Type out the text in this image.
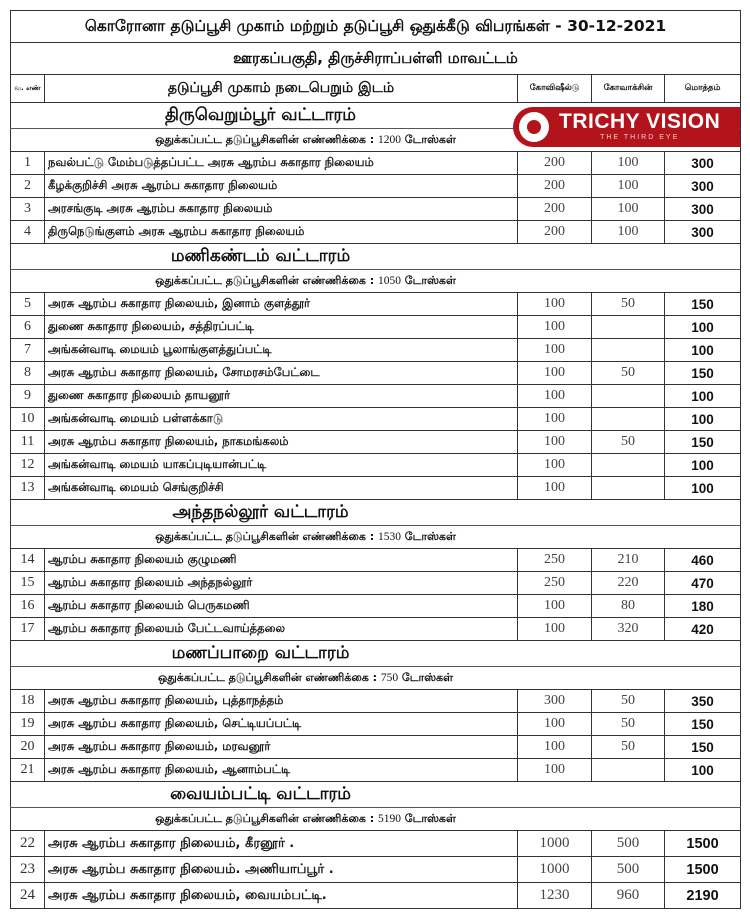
கொரோனா தடுப்பூசி முகாம் மற்றும் தடுப்பூசி ஒதுக்கீடு விபரங்கள் - 30-12-2021				
ஊரகப்பகுதி, திருச்சிராப்பள்ளி மாவட்டம்				
வ. எண்	தடுப்பூசி முகாம் நடைபெறும் இடம்	கோவிஷீல்டு	கோவாக்சின்	மொத்தம்
திருவெறும்பூர் வட்டாரம்				
ஒதுக்கப்பட்ட தடுப்பூசிகளின் எண்ணிக்கை : 1200 டோஸ்கள்				
1	நவல்பட்டு மேம்படுத்தப்பட்ட அரசு ஆரம்ப சுகாதார நிலையம்	200	100	300
2	கீழக்குறிச்சி அரசு ஆரம்ப சுகாதார நிலையம்	200	100	300
3	அரசங்குடி அரசு ஆரம்ப சுகாதார நிலையம்	200	100	300
4	திருநெடுங்குளம் அரசு ஆரம்ப சுகாதார நிலையம்	200	100	300
மணிகண்டம் வட்டாரம்				
ஒதுக்கப்பட்ட தடுப்பூசிகளின் எண்ணிக்கை : 1050 டோஸ்கள்				
5	அரசு ஆரம்ப சுகாதார நிலையம், இனாம் குளத்தூர்	100	50	150
6	துணை சுகாதார நிலையம், சத்திரப்பட்டி	100		100
7	அங்கன்வாடி மையம் பூலாங்குளத்துப்பட்டி	100		100
8	அரசு ஆரம்ப சுகாதார நிலையம், சோமரசம்பேட்டை	100	50	150
9	துணை சுகாதார நிலையம் தாயனூர்	100		100
10	அங்கன்வாடி மையம் பள்ளக்காடு	100		100
11	அரசு ஆரம்ப சுகாதார நிலையம், நாகமங்கலம்	100	50	150
12	அங்கன்வாடி மையம் யாகப்புடியான்பட்டி	100		100
13	அங்கன்வாடி மையம் செங்குறிச்சி	100		100
அந்தநல்லூர் வட்டாரம்				
ஒதுக்கப்பட்ட தடுப்பூசிகளின் எண்ணிக்கை : 1530 டோஸ்கள்				
14	ஆரம்ப சுகாதார நிலையம் குழுமணி	250	210	460
15	ஆரம்ப சுகாதார நிலையம் அந்தநல்லூர்	250	220	470
16	ஆரம்ப சுகாதார நிலையம் பெருகமணி	100	80	180
17	ஆரம்ப சுகாதார நிலையம் பேட்டவாய்த்தலை	100	320	420
மணப்பாறை வட்டாரம்				
ஒதுக்கப்பட்ட தடுப்பூசிகளின் எண்ணிக்கை : 750 டோஸ்கள்				
18	அரசு ஆரம்ப சுகாதார நிலையம், புத்தாநத்தம்	300	50	350
19	அரசு ஆரம்ப சுகாதார நிலையம், செட்டியப்பட்டி	100	50	150
20	அரசு ஆரம்ப சுகாதார நிலையம், மரவனூர்	100	50	150
21	அரசு ஆரம்ப சுகாதார நிலையம், ஆனாம்பட்டி	100		100
வையம்பட்டி வட்டாரம்				
ஒதுக்கப்பட்ட தடுப்பூசிகளின் எண்ணிக்கை : 5190 டோஸ்கள்				
22	அரசு ஆரம்ப சுகாதார நிலையம், கீரனூர் .	1000	500	1500
23	அரசு ஆரம்ப சுகாதார நிலையம். அணியாப்பூர் .	1000	500	1500
24	அரசு ஆரம்ப சுகாதார நிலையம், வையம்பட்டி.	1230	960	2190
TRICHY VISION
THE THIRD EYE
